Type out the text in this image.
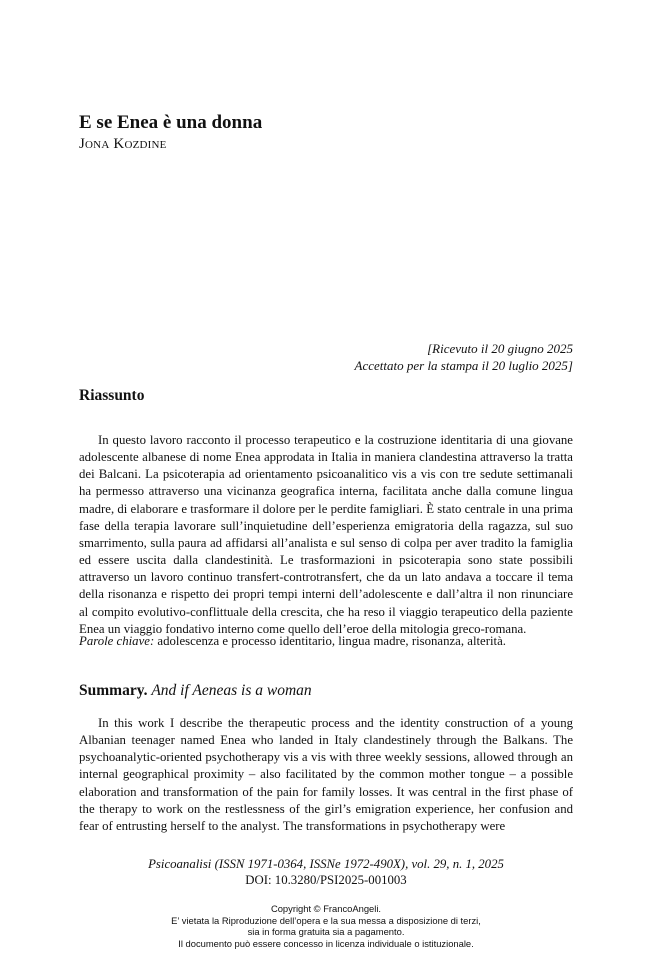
E se Enea è una donna
Jona Kozdine
[Ricevuto il 20 giugno 2025
Accettato per la stampa il 20 luglio 2025]
Riassunto

In questo lavoro racconto il processo terapeutico e la costruzione identitaria di una giovane adolescente albanese di nome Enea approdata in Italia in maniera clandestina attraverso la tratta dei Balcani. La psicoterapia ad orientamento psicoanalitico vis a vis con tre sedute settimanali ha permesso attraverso una vicinanza geografica interna, facilitata anche dalla comune lingua madre, di elaborare e trasformare il dolore per le perdite famigliari. È stato centrale in una prima fase della terapia lavorare sull’inquietudine dell’esperienza emigratoria della ragazza, sul suo smarrimento, sulla paura ad affidarsi all’analista e sul senso di colpa per aver tradito la famiglia ed essere uscita dalla clandestinità. Le trasformazioni in psicoterapia sono state possibili attraverso un lavoro continuo transfert-controtransfert, che da un lato andava a toccare il tema della risonanza e rispetto dei propri tempi interni dell’adolescente e dall’altra il non rinunciare al compito evolutivo-conflittuale della crescita, che ha reso il viaggio terapeutico della paziente Enea un viaggio fondativo interno come quello dell’eroe della mitologia greco-romana.

Parole chiave: adolescenza e processo identitario, lingua madre, risonanza, alterità.

Summary. And if Aeneas is a woman

In this work I describe the therapeutic process and the identity construction of a young Albanian teenager named Enea who landed in Italy clandestinely through the Balkans. The psychoanalytic-oriented psychotherapy vis a vis with three weekly sessions, allowed through an internal geographical proximity – also facilitated by the common mother tongue – a possible elaboration and transformation of the pain for family losses. It was central in the first phase of the therapy to work on the restlessness of the girl’s emigration experience, her confusion and fear of entrusting herself to the analyst. The transformations in psychotherapy were

Psicoanalisi (ISSN 1971-0364, ISSNe 1972-490X), vol. 29, n. 1, 2025
DOI: 10.3280/PSI2025-001003
Copyright © FrancoAngeli.
E’ vietata la Riproduzione dell’opera e la sua messa a disposizione di terzi,
sia in forma gratuita sia a pagamento.
Il documento può essere concesso in licenza individuale o istituzionale.
